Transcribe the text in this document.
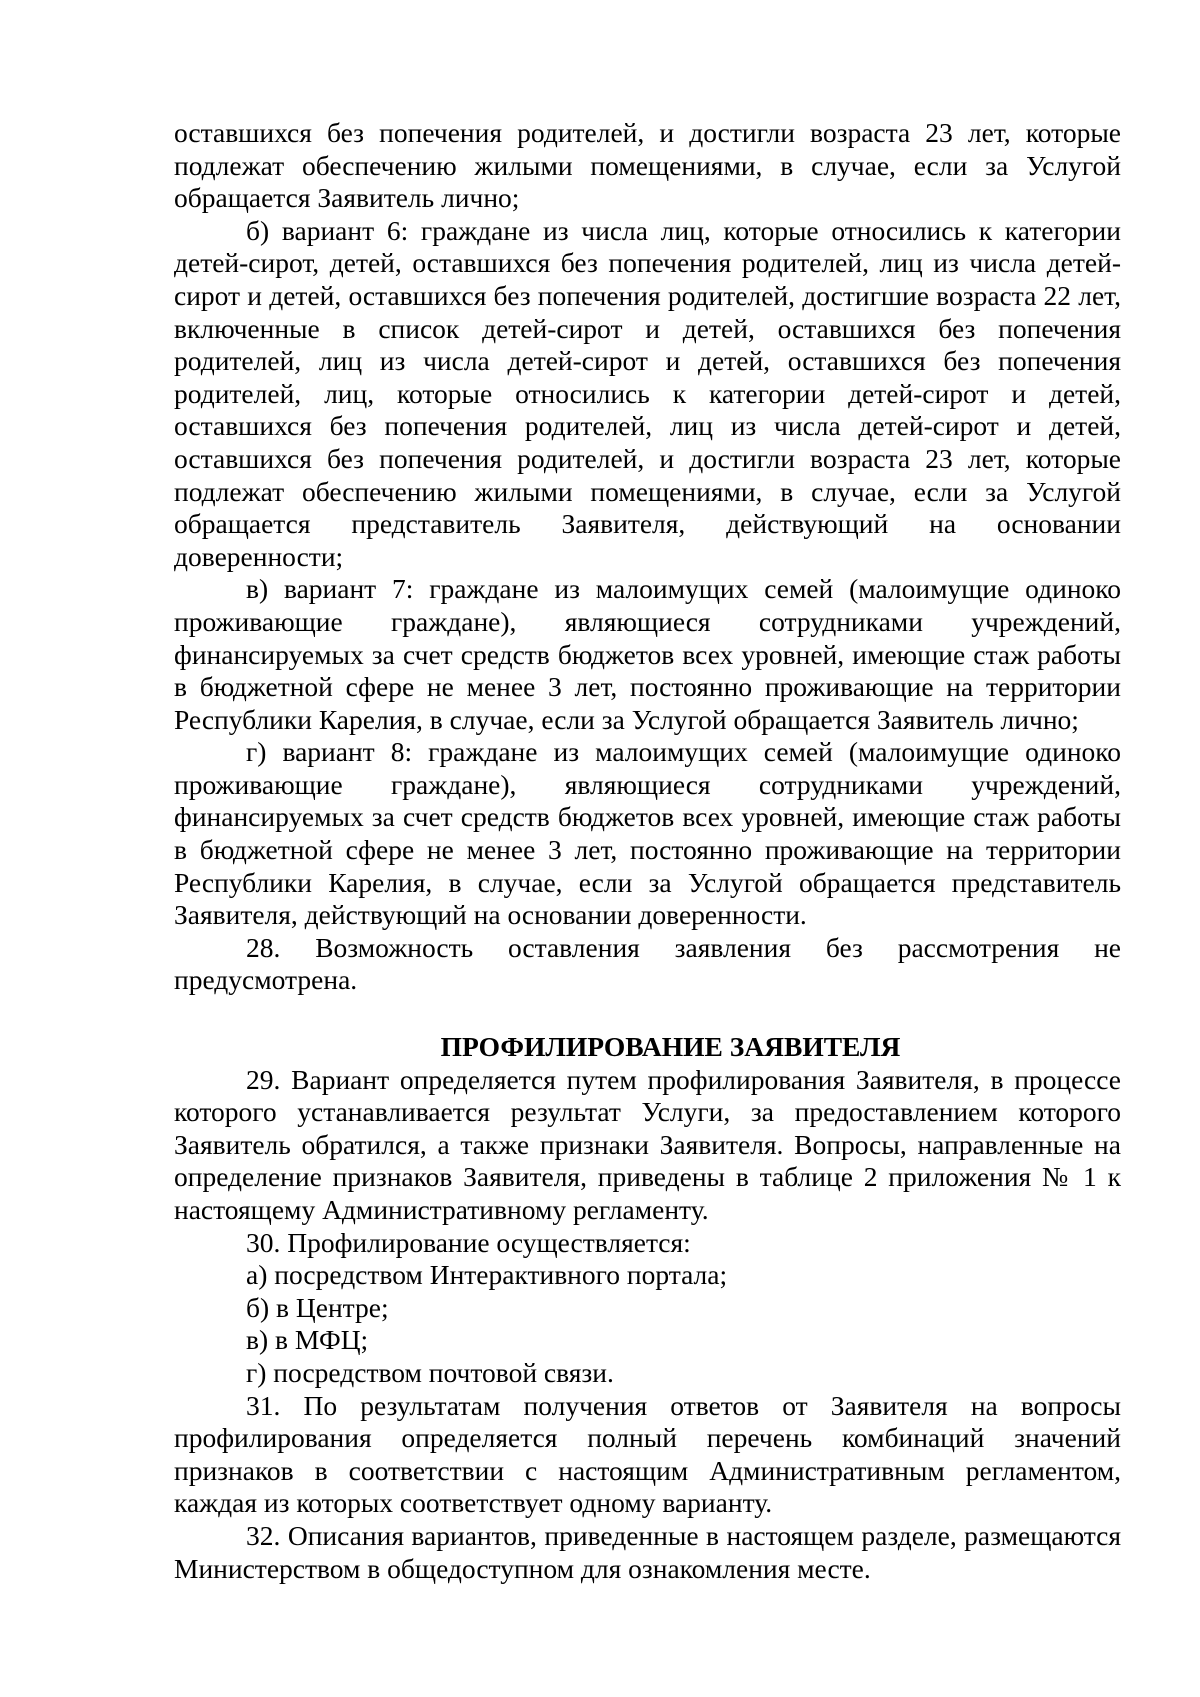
оставшихся без попечения родителей, и достигли возраста 23 лет, которые подлежат обеспечению жилыми помещениями, в случае, если за Услугой обращается Заявитель лично;

б) вариант 6: граждане из числа лиц, которые относились к категории детей-сирот, детей, оставшихся без попечения родителей, лиц из числа детей-сирот и детей, оставшихся без попечения родителей, достигшие возраста 22 лет, включенные в список детей-сирот и детей, оставшихся без попечения родителей, лиц из числа детей-сирот и детей, оставшихся без попечения родителей, лиц, которые относились к категории детей-сирот и детей, оставшихся без попечения родителей, лиц из числа детей-сирот и детей, оставшихся без попечения родителей, и достигли возраста 23 лет, которые подлежат обеспечению жилыми помещениями, в случае, если за Услугой обращается представитель Заявителя, действующий на основании доверенности;

в) вариант 7: граждане из малоимущих семей (малоимущие одиноко проживающие граждане), являющиеся сотрудниками учреждений, финансируемых за счет средств бюджетов всех уровней, имеющие стаж работы в бюджетной сфере не менее 3 лет, постоянно проживающие на территории Республики Карелия, в случае, если за Услугой обращается Заявитель лично;

г) вариант 8: граждане из малоимущих семей (малоимущие одиноко проживающие граждане), являющиеся сотрудниками учреждений, финансируемых за счет средств бюджетов всех уровней, имеющие стаж работы в бюджетной сфере не менее 3 лет, постоянно проживающие на территории Республики Карелия, в случае, если за Услугой обращается представитель Заявителя, действующий на основании доверенности.

28. Возможность оставления заявления без рассмотрения не предусмотрена.

ПРОФИЛИРОВАНИЕ ЗАЯВИТЕЛЯ

29. Вариант определяется путем профилирования Заявителя, в процессе которого устанавливается результат Услуги, за предоставлением которого Заявитель обратился, а также признаки Заявителя. Вопросы, направленные на определение признаков Заявителя, приведены в таблице 2 приложения № 1 к настоящему Административному регламенту.

30. Профилирование осуществляется:

а) посредством Интерактивного портала;

б) в Центре;

в) в МФЦ;

г) посредством почтовой связи.

31. По результатам получения ответов от Заявителя на вопросы профилирования определяется полный перечень комбинаций значений признаков в соответствии с настоящим Административным регламентом, каждая из которых соответствует одному варианту.

32. Описания вариантов, приведенные в настоящем разделе, размещаются Министерством в общедоступном для ознакомления месте.
